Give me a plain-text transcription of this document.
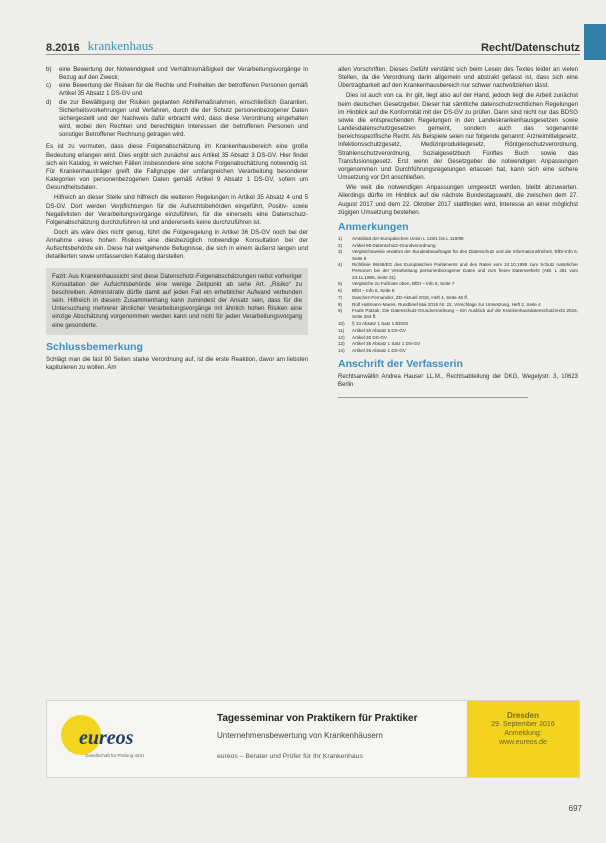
8.2016 krankenhaus	Recht/Datenschutz
b)	eine Bewertung der Notwendigkeit und Verhältnismäßigkeit der Verarbeitungsvorgänge in Bezug auf den Zweck;
c)	eine Bewertung der Risiken für die Rechte und Freiheiten der betroffenen Personen gemäß Artikel 35 Absatz 1 DS-GV und
d)	die zur Bewältigung der Risiken geplanten Abhilfemaßnahmen, einschließlich Garantien, Sicherheitsvorkehrungen und Verfahren, durch die der Schutz personenbezogener Daten sichergestellt und der Nachweis dafür erbracht wird, dass diese Verordnung eingehalten wird, wobei den Rechten und berechtigten Interessen der betroffenen Personen und sonstiger Betroffener Rechnung getragen wird.

Es ist zu vermuten, dass diese Folgenabschätzung im Krankenhausbereich eine große Bedeutung erlangen wird. Dies ergibt sich zunächst aus Artikel 35 Absatz 3 DS-GV. Hier findet sich ein Katalog, in welchen Fällen insbesondere eine solche Folgenabschätzung notwendig ist. Für Krankenhausträger greift die Fallgruppe der umfangreichen Verarbeitung besonderer Kategorien von personenbezogenen Daten gemäß Artikel 9 Absatz 1 DS-GV, sofern um Gesundheitsdaten.

Hilfreich an dieser Stelle sind hilfreich die weiteren Regelungen in Artikel 35 Absatz 4 und 5 DS-GV. Dort werden Verpflichtungen für die Aufsichtsbehörden eingeführt, Positiv- sowie Negativlisten der Verarbeitungsvorgänge einzuführen, für die einerseits eine Datenschutz-Folgenabschätzung durchzuführen ist und andererseits keine durchzuführen ist.

Doch als wäre dies nicht genug, führt die Folgeregelung in Artikel 36 DS-GV noch bei der Annahme eines hohen Risikos eine diesbezüglich notwendige Konsultation bei der Aufsichtsbehörde ein. Diese hat weitgehende Befugnisse, die sich in einem äußerst langen und detaillierten sowie umfassenden Katalog darstellen.

Fazit: Aus Krankenhaussicht sind diese Datenschutz-Folgenabschätzungen nebst vorheriger Konsultation der Aufsichtsbehörde eine wenige Zeitpunkt ab sehe Art. „Risiko“ zu beschreiben. Administrativ dürfte damit auf jeden Fall ein erheblicher Aufwand verbunden sein. Hilfreich in diesem Zusammenhang kann zumindest der Ansatz sein, dass für die Untersuchung mehrerer ähnlicher Verarbeitungsvorgänge mit ähnlich hohen Risiken eine einzige Abschätzung vorgenommen werden kann und nicht für jeden Verarbeitungsvorgang eine gesonderte.
Schlussbemerkung

Schlägt man die fast 90 Seiten starke Verordnung auf, ist die erste Reaktion, davor am liebsten kapitulieren zu wollen. Am

allen Vorschriften. Dieses Gefühl verstärkt sich beim Lesen des Textes leider an vielen Stellen, da die Verordnung darin allgemein und abstrakt gefasst ist, dass sich eine Übertragbarkeit auf den Krankenhausbereich nur schwer nachvollziehen lässt.

Dies ist auch von ca. ihr gilt, liegt also auf der Hand, jedoch liegt die Arbeit zunächst beim deutschen Gesetzgeber. Dieser hat sämtliche datenschutzrechtlichen Regelungen im Hinblick auf die Konformität mit der DS-GV zu prüfen. Dann sind nicht nur das BDSG sowie die entsprechenden Regelungen in den Landeskrankenhausgesetzen sowie Landesdatenschutzgesetzen gemeint, sondern auch das sogenannte bereichsspezifische Recht. Als Beispiele seien nur folgende genannt: Arzneimittelgesetz, Infektionsschutzgesetz, Medizinproduktegesetz, Röntgenschutzverordnung, Strahlenschutzverordnung, Sozialgesetzbuch Fünftes Buch sowie das Transfusionsgesetz. Erst wenn der Gesetzgeber die notwendigen Anpassungen vorgenommen und Durchführungsregelungen erlassen hat, kann sich eine sichere Umsetzung vor Ort anschließen.

Wie weit die notwendigen Anpassungen umgesetzt werden, bleibt abzuwarten. Allerdings dürfte im Hinblick auf die nächste Bundestagswahl, die zwischen dem 27. August 2017 und dem 22. Oktober 2017 stattfinden wird, Interesse an einer möglichst zügigen Umsetzung bestehen.

Anmerkungen
1)	Amtsblatt der Europäischen Union L 119/1 bis L 119/88
2)	Artikel 99 Datenschutz-Grundverordnung
3)	Vergleichsweise erwähnt der Bundesbeauftragte für den Datenschutz und die Informationsfreiheit, BfDI-Info 6, Seite 8
4)	Richtlinie 95/46/EG des Europäischen Parlaments und des Rates vom 24.10.1995 zum Schutz natürlicher Personen bei der Verarbeitung personenbezogener Daten und zum freien Datenverkehr (ABl. L 281 vom 23.11.1995, Seite 31)
5)	Vergleiche zu Fußnote oben, BfDI – Info 6, Seite 7
6)	BfDI – Info 6, Seite 8
7)	Sanchez-Fernandez, ZD-Aktuell 2016, Heft 4, Seite 48 ff.
8)	Rolf Holtmann-Mares, Rundbrief Mai 2016 Nr. 22, Vorschläge zur Umsetzung, Heft 2, Seite 4
9)	Frank Patzak, Die Datenschutz-Grundverordnung – Ein Ausblick auf die Krankenhausdatenschutzrecht 2016, Seite 284 ff.
10)	§ 13 Absatz 1 Satz 1 BDSG
11)	Artikel 30 Absatz 5 DS-GV
12)	Artikel 30 DS-GV
13)	Artikel 35 Absatz 1 Satz 1 DS-GV
14)	Artikel 35 Absatz 1 DS-GV
Anschrift der Verfasserin

Rechtsanwältin Andrea Hauser LL.M., Rechtsabteilung der DKG, Wegelystr. 3, 10623 Berlin

eureos
Gesellschaft für Prüfung mbH
Tagesseminar von Praktikern für Praktiker
Unternehmensbewertung von Krankenhäusern
eureos – Berater und Prüfer für Ihr Krankenhaus
Dresden
29. September 2016
Anmeldung:
www.eureos.de
697
